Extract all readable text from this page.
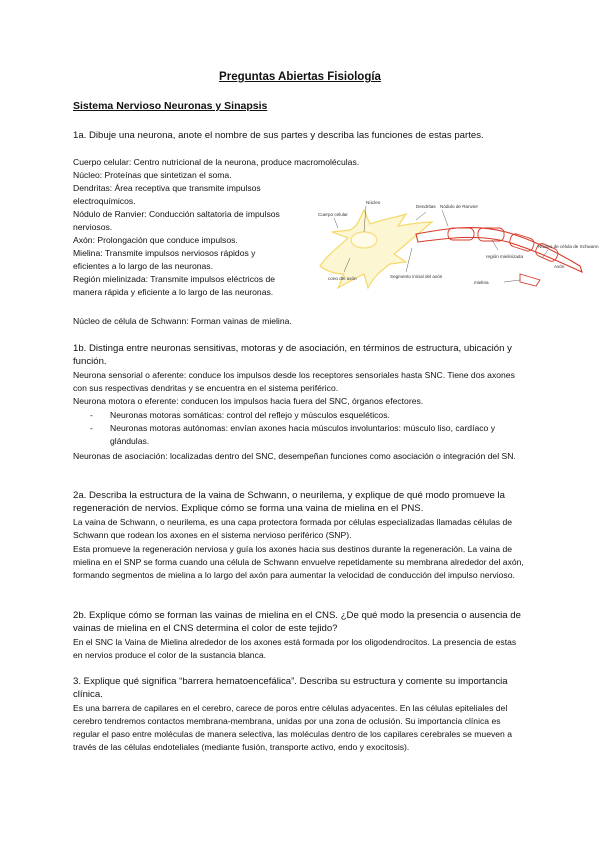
Preguntas Abiertas Fisiología
Sistema Nervioso Neuronas y Sinapsis

1a. Dibuje una neurona, anote el nombre de sus partes y describa las funciones de estas partes.

Cuerpo celular: Centro nutricional de la neurona, produce macromoléculas.

Núcleo: Proteínas que sintetizan el soma.

Dendritas: Área receptiva que transmite impulsos electroquímicos.

Nódulo de Ranvier: Conducción saltatoria de impulsos nerviosos.

Axón: Prolongación que conduce impulsos.

Mielina: Transmite impulsos nerviosos rápidos y eficientes a lo largo de las neuronas.

Región mielinizada: Transmite impulsos eléctricos de manera rápida y eficiente a lo largo de las neuronas.

Núcleo de célula de Schwann: Forman vainas de mielina.

Cuerpo celular
Núcleo
Dendritas Nódulo de Ranvier
región mielinizada
Núcleo de célula de Schwann
Axón
cono del axón	Segmento inicial del axón
mielina

1b. Distinga entre neuronas sensitivas, motoras y de asociación, en términos de estructura, ubicación y función.

Neurona sensorial o aferente: conduce los impulsos desde los receptores sensoriales hasta SNC. Tiene dos axones con sus respectivas dendritas y se encuentra en el sistema periférico.

Neurona motora o eferente: conducen los impulsos hacia fuera del SNC, órganos efectores.

- Neuronas motoras somáticas: control del reflejo y músculos esqueléticos.
- Neuronas motoras autónomas: envían axones hacia músculos involuntarios: músculo liso, cardíaco y glándulas.

Neuronas de asociación: localizadas dentro del SNC, desempeñan funciones como asociación o integración del SN.

2a. Describa la estructura de la vaina de Schwann, o neurilema, y explique de qué modo promueve la regeneración de nervios. Explique cómo se forma una vaina de mielina en el PNS.

La vaina de Schwann, o neurilema, es una capa protectora formada por células especializadas llamadas células de Schwann que rodean los axones en el sistema nervioso periférico (SNP).

Esta promueve la regeneración nerviosa y guía los axones hacia sus destinos durante la regeneración. La vaina de mielina en el SNP se forma cuando una célula de Schwann envuelve repetidamente su membrana alrededor del axón, formando segmentos de mielina a lo largo del axón para aumentar la velocidad de conducción del impulso nervioso.

2b. Explique cómo se forman las vainas de mielina en el CNS. ¿De qué modo la presencia o ausencia de vainas de mielina en el CNS determina el color de este tejido?

En el SNC la Vaina de Mielina alrededor de los axones está formada por los oligodendrocitos. La presencia de estas en nervios produce el color de la sustancia blanca.

3. Explique qué significa “barrera hematoencefálica”. Describa su estructura y comente su importancia clínica.

Es una barrera de capilares en el cerebro, carece de poros entre células adyacentes. En las células epiteliales del cerebro tendremos contactos membrana-membrana, unidas por una zona de oclusión. Su importancia clínica es regular el paso entre moléculas de manera selectiva, las moléculas dentro de los capilares cerebrales se mueven a través de las células endoteliales (mediante fusión, transporte activo, endo y exocitosis).
